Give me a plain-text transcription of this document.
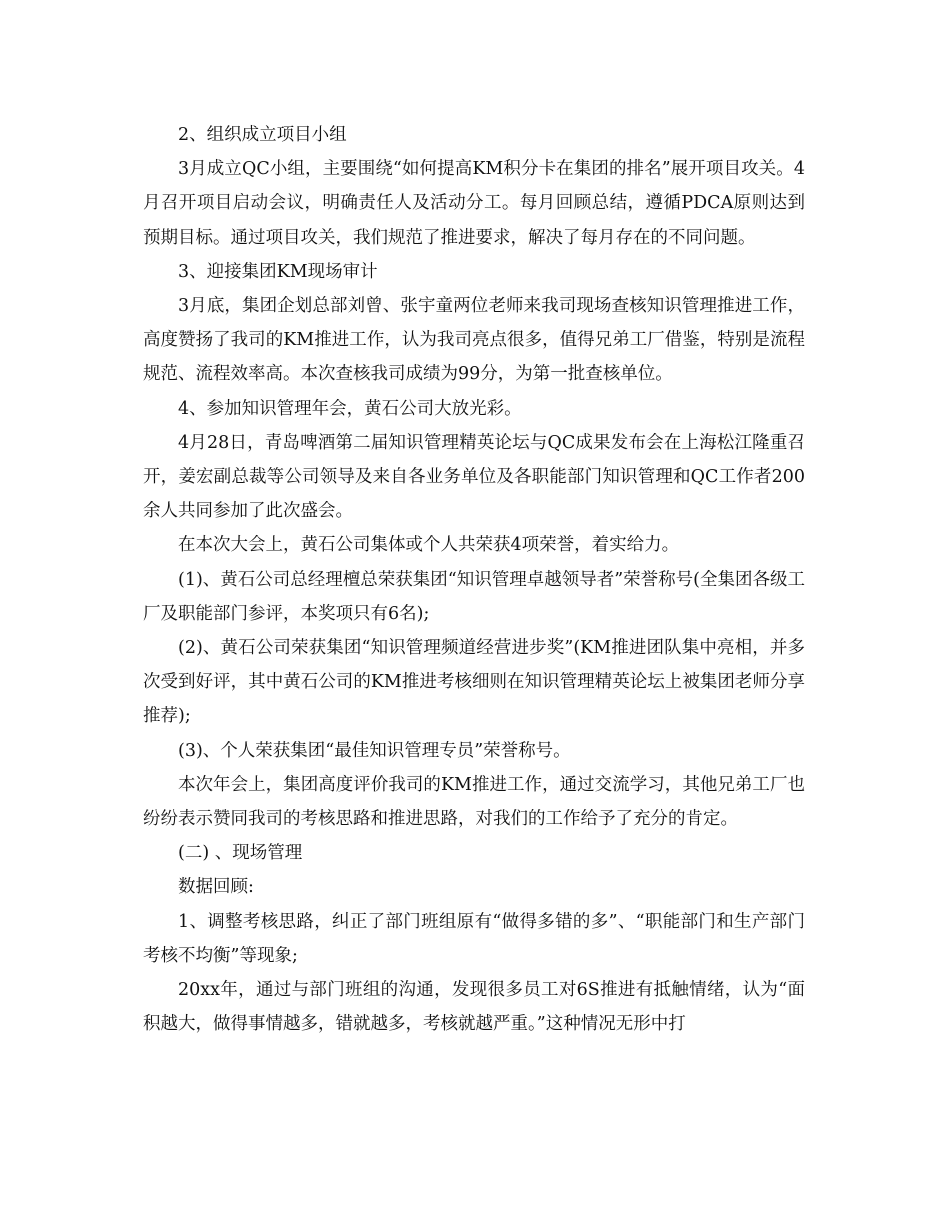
2、组织成立项目小组

3月成立QC小组，主要围绕“如何提高KM积分卡在集团的排名”展开项目攻关。4月召开项目启动会议，明确责任人及活动分工。每月回顾总结，遵循PDCA原则达到预期目标。通过项目攻关，我们规范了推进要求，解决了每月存在的不同问题。

3、迎接集团KM现场审计

3月底，集团企划总部刘曾、张宇童两位老师来我司现场查核知识管理推进工作，高度赞扬了我司的KM推进工作，认为我司亮点很多，值得兄弟工厂借鉴，特别是流程规范、流程效率高。本次查核我司成绩为99分，为第一批查核单位。

4、参加知识管理年会，黄石公司大放光彩。

4月28日，青岛啤酒第二届知识管理精英论坛与QC成果发布会在上海松江隆重召开，姜宏副总裁等公司领导及来自各业务单位及各职能部门知识管理和QC工作者200余人共同参加了此次盛会。

在本次大会上，黄石公司集体或个人共荣获4项荣誉，着实给力。

(1)、黄石公司总经理檀总荣获集团“知识管理卓越领导者”荣誉称号(全集团各级工厂及职能部门参评，本奖项只有6名);

(2)、黄石公司荣获集团“知识管理频道经营进步奖”(KM推进团队集中亮相，并多次受到好评，其中黄石公司的KM推进考核细则在知识管理精英论坛上被集团老师分享推荐);

(3)、个人荣获集团“最佳知识管理专员”荣誉称号。

本次年会上，集团高度评价我司的KM推进工作，通过交流学习，其他兄弟工厂也纷纷表示赞同我司的考核思路和推进思路，对我们的工作给予了充分的肯定。

(二) 、现场管理

数据回顾:

1、调整考核思路，纠正了部门班组原有“做得多错的多”、“职能部门和生产部门考核不均衡”等现象;

20xx年，通过与部门班组的沟通，发现很多员工对6S推进有抵触情绪，认为“面积越大，做得事情越多，错就越多，考核就越严重。”这种情况无形中打
